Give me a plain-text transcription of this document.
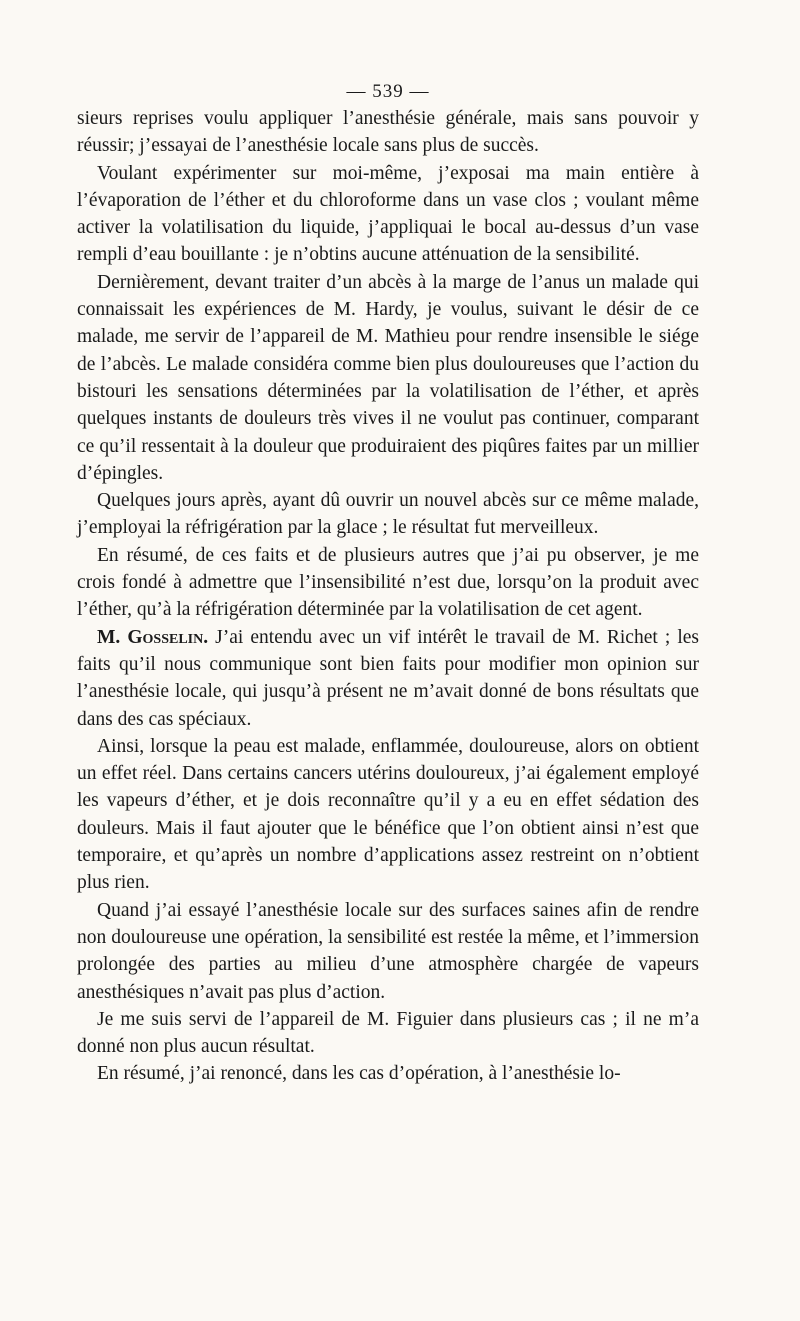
— 539 —

sieurs reprises voulu appliquer l’anesthésie générale, mais sans pouvoir y réussir; j’essayai de l’anesthésie locale sans plus de succès.

Voulant expérimenter sur moi-même, j’exposai ma main entière à l’évaporation de l’éther et du chloroforme dans un vase clos ; voulant même activer la volatilisation du liquide, j’appliquai le bocal au-dessus d’un vase rempli d’eau bouillante : je n’obtins aucune atténuation de la sensibilité.

Dernièrement, devant traiter d’un abcès à la marge de l’anus un malade qui connaissait les expériences de M. Hardy, je voulus, suivant le désir de ce malade, me servir de l’appareil de M. Mathieu pour rendre insensible le siége de l’abcès. Le malade considéra comme bien plus douloureuses que l’action du bistouri les sensations déterminées par la volatilisation de l’éther, et après quelques instants de douleurs très vives il ne voulut pas continuer, comparant ce qu’il ressentait à la douleur que produiraient des piqûres faites par un millier d’épingles.

Quelques jours après, ayant dû ouvrir un nouvel abcès sur ce même malade, j’employai la réfrigération par la glace ; le résultat fut merveilleux.

En résumé, de ces faits et de plusieurs autres que j’ai pu observer, je me crois fondé à admettre que l’insensibilité n’est due, lorsqu’on la produit avec l’éther, qu’à la réfrigération déterminée par la volatilisation de cet agent.

M. Gosselin. J’ai entendu avec un vif intérêt le travail de M. Richet ; les faits qu’il nous communique sont bien faits pour modifier mon opinion sur l’anesthésie locale, qui jusqu’à présent ne m’avait donné de bons résultats que dans des cas spéciaux.

Ainsi, lorsque la peau est malade, enflammée, douloureuse, alors on obtient un effet réel. Dans certains cancers utérins douloureux, j’ai également employé les vapeurs d’éther, et je dois reconnaître qu’il y a eu en effet sédation des douleurs. Mais il faut ajouter que le bénéfice que l’on obtient ainsi n’est que temporaire, et qu’après un nombre d’applications assez restreint on n’obtient plus rien.

Quand j’ai essayé l’anesthésie locale sur des surfaces saines afin de rendre non douloureuse une opération, la sensibilité est restée la même, et l’immersion prolongée des parties au milieu d’une atmosphère chargée de vapeurs anesthésiques n’avait pas plus d’action.

Je me suis servi de l’appareil de M. Figuier dans plusieurs cas ; il ne m’a donné non plus aucun résultat.

En résumé, j’ai renoncé, dans les cas d’opération, à l’anesthésie lo-
